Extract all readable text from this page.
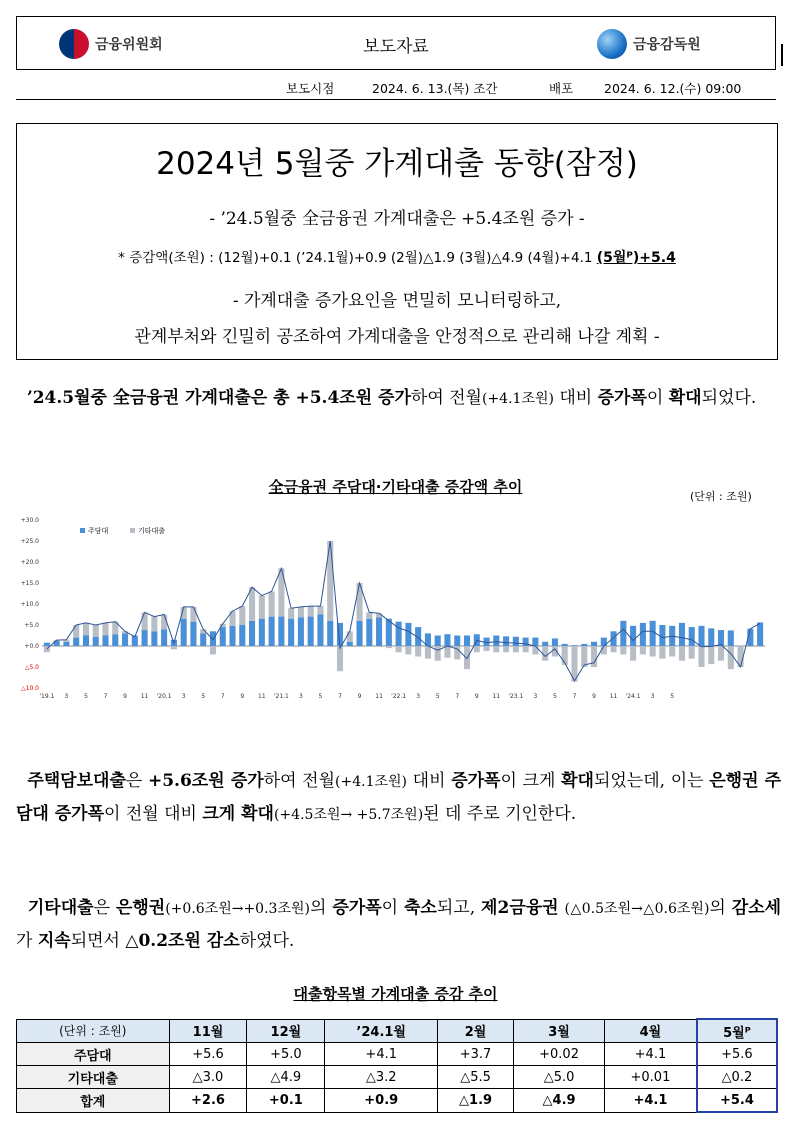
금융위원회	보도자료	금융감독원
보도시점	2024. 6. 13.(목) 조간	배포 2024. 6. 12.(수) 09:00
2024년 5월중 가계대출 동향(잠정)
- ’24.5월중 全금융권 가계대출은 +5.4조원 증가 -
* 증감액(조원) : (12월)+0.1 (’24.1월)+0.9 (2월)△1.9 (3월)△4.9 (4월)+4.1 (5월ᴾ)+5.4
- 가계대출 증가요인을 면밀히 모니터링하고,
관계부처와 긴밀히 공조하여 가계대출을 안정적으로 관리해 나갈 계획 -
’24.5월중 全금융권 가계대출은 총 +5.4조원 증가하여 전월(+4.1조원) 대비 증가폭이 확대되었다.
全금융권 주담대·기타대출 증감액 추이
(단위 : 조원)
+30.0
+25.0
+20.0
+15.0
+10.0
+5.0
+0.0
△5.0
△10.0
'19.1 3	5	7	9 11 '20.1 3	5	7	9 11 '21.1 3	5	7	9 11 '22.1 3	5	7	9 11 '23.1 3	5	7	9 11 '24.1 3	5
주담대	기타대출
주택담보대출은 +5.6조원 증가하여 전월(+4.1조원) 대비 증가폭이 크게 확대되었는데, 이는 은행권 주담대 증가폭이 전월 대비 크게 확대(+4.5조원→ +5.7조원)된 데 주로 기인한다.
기타대출은 은행권(+0.6조원→+0.3조원)의 증가폭이 축소되고, 제2금융권 (△0.5조원→△0.6조원)의 감소세가 지속되면서 △0.2조원 감소하였다.
대출항목별 가계대출 증감 추이
(단위 : 조원)	11월	12월	’24.1월	2월	3월	4월	5월ᴾ
주담대	+5.6	+5.0	+4.1	+3.7	+0.02	+4.1	+5.6
기타대출	△3.0	△4.9	△3.2	△5.5	△5.0	+0.01	△0.2
합계	+2.6	+0.1	+0.9	△1.9	△4.9	+4.1	+5.4
